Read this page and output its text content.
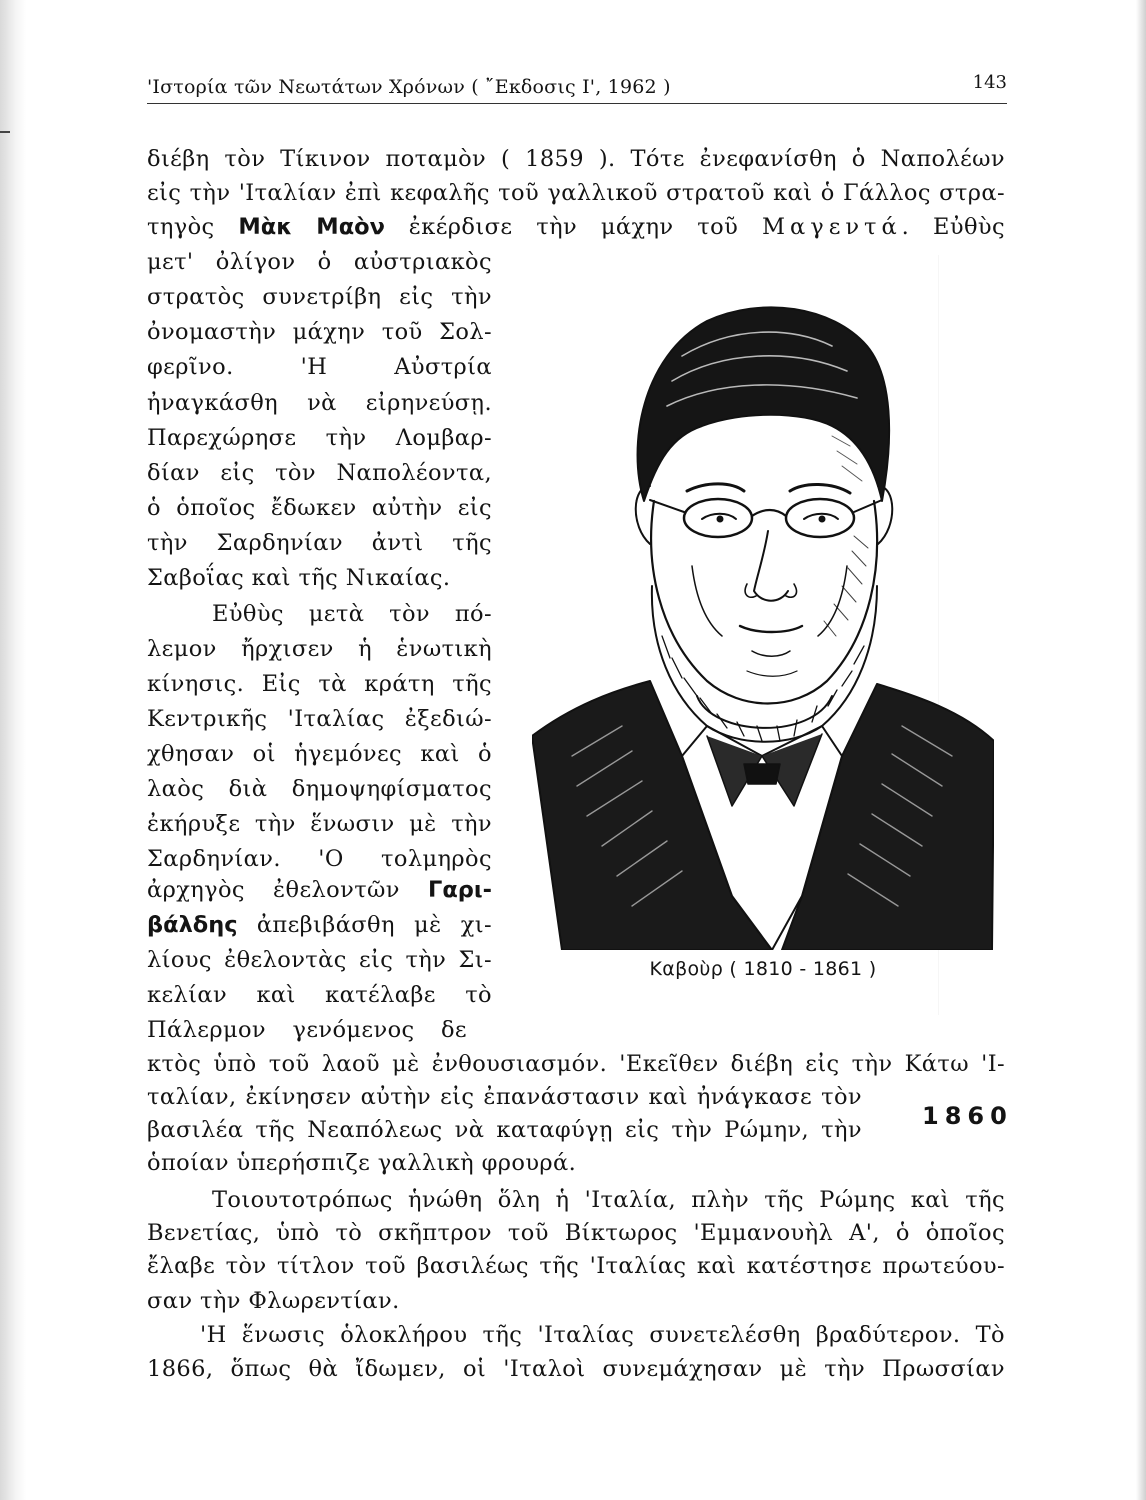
'Ιστορία τῶν Νεωτάτων Χρόνων ( ῎Εκδοσις Ι', 1962 )	143
διέβη τὸν Τίκινον ποταμὸν ( 1859 ). Τότε ἐνεφανίσθη ὁ Ναπολέων
εἰς τὴν 'Ιταλίαν ἐπὶ κεφαλῆς τοῦ γαλλικοῦ στρατοῦ καὶ ὁ Γάλλος στρα-
τηγὸς Μὰκ Μαὸν ἐκέρδισε τὴν μάχην τοῦ Μαγεντά. Εὐθὺς
μετ' ὀλίγον ὁ αὐστριακὸς
στρατὸς συνετρίβη εἰς τὴν
ὀνομαστὴν μάχην τοῦ Σολ-
φερῖνο. 'Η Αὐστρία
ἠναγκάσθη νὰ εἰρηνεύσῃ.
Παρεχώρησε τὴν Λομβαρ-
δίαν εἰς τὸν Ναπολέοντα,
ὁ ὁποῖος ἔδωκεν αὐτὴν εἰς
τὴν Σαρδηνίαν ἀντὶ τῆς
Σαβοΐας καὶ τῆς Νικαίας.
Εὐθὺς μετὰ τὸν πό-
λεμον ἤρχισεν ἡ ἑνωτικὴ
κίνησις. Εἰς τὰ κράτη τῆς
Κεντρικῆς 'Ιταλίας ἐξεδιώ-
χθησαν οἱ ἡγεμόνες καὶ ὁ
λαὸς διὰ δημοψηφίσματος
ἐκήρυξε τὴν ἕνωσιν μὲ τὴν
Σαρδηνίαν. 'Ο τολμηρὸς
ἀρχηγὸς ἐθελοντῶν Γαρι-
βάλδης ἀπεβιβάσθη μὲ χι-
λίους ἐθελοντὰς εἰς τὴν Σι-
κελίαν καὶ κατέλαβε τὸ
Πάλερμον γενόμενος δε
Καβοὺρ ( 1810 - 1861 )
κτὸς ὑπὸ τοῦ λαοῦ μὲ ἐνθουσιασμόν. 'Εκεῖθεν διέβη εἰς τὴν Κάτω 'Ι-
ταλίαν, ἐκίνησεν αὐτὴν εἰς ἐπανάστασιν καὶ ἠνάγκασε τὸν
βασιλέα τῆς Νεαπόλεως νὰ καταφύγῃ εἰς τὴν Ρώμην, τὴν
ὁποίαν ὑπερήσπιζε γαλλικὴ φρουρά.
1860
Τοιουτοτρόπως ἡνώθη ὅλη ἡ 'Ιταλία, πλὴν τῆς Ρώμης καὶ τῆς
Βενετίας, ὑπὸ τὸ σκῆπτρον τοῦ Βίκτωρος 'Εμμανουὴλ Α', ὁ ὁποῖος
ἔλαβε τὸν τίτλον τοῦ βασιλέως τῆς 'Ιταλίας καὶ κατέστησε πρωτεύου-
σαν τὴν Φλωρεντίαν.
'Η ἕνωσις ὁλοκλήρου τῆς 'Ιταλίας συνετελέσθη βραδύτερον. Τὸ
1866, ὅπως θὰ ἴδωμεν, οἱ 'Ιταλοὶ συνεμάχησαν μὲ τὴν Πρωσσίαν
